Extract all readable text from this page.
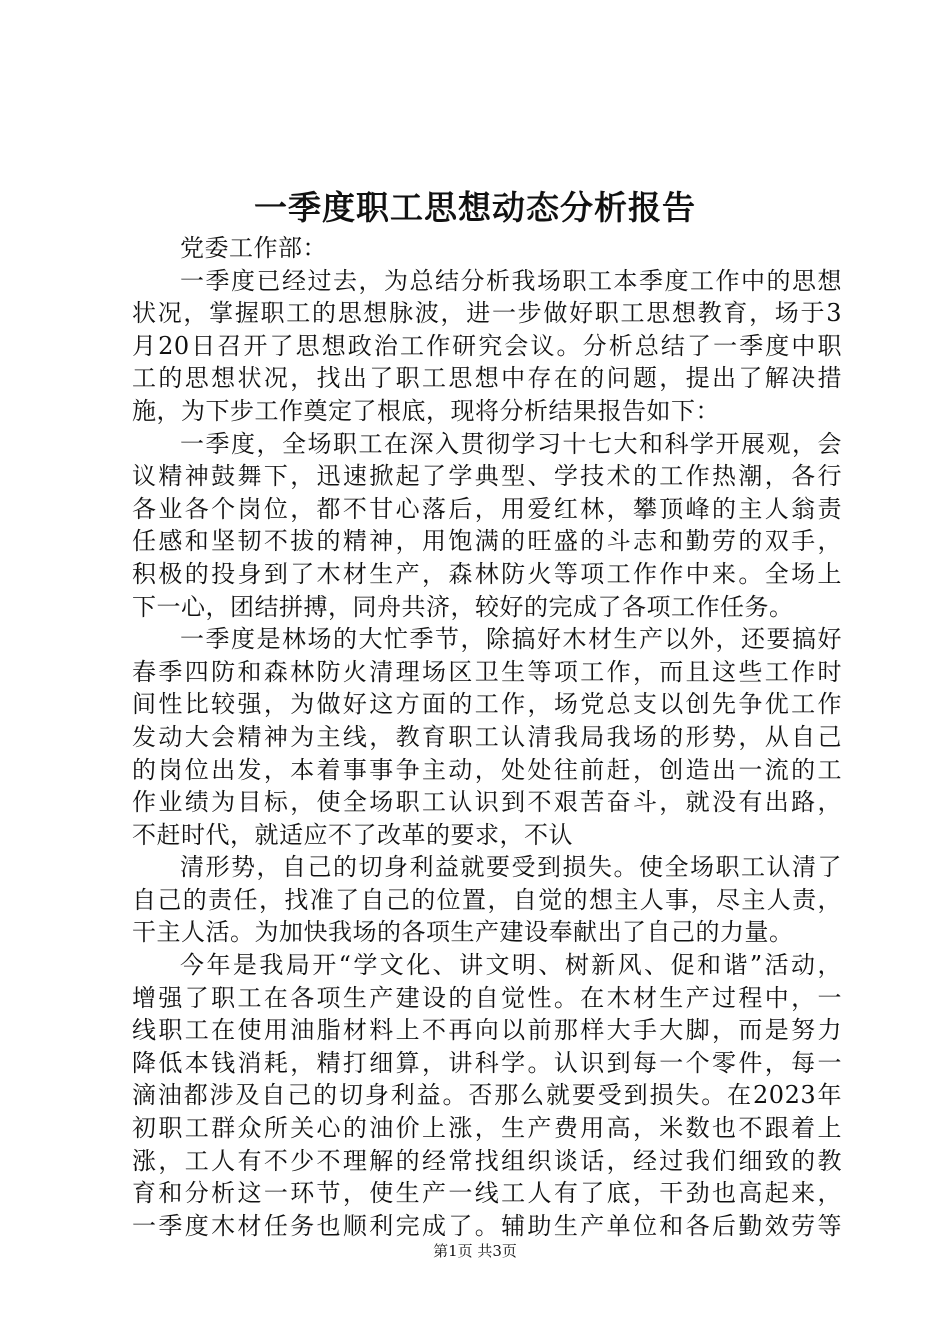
一季度职工思想动态分析报告
党委工作部：
一季度已经过去，为总结分析我场职工本季度工作中的思想
状况，掌握职工的思想脉波，进一步做好职工思想教育，场于3
月20日召开了思想政治工作研究会议。分析总结了一季度中职
工的思想状况，找出了职工思想中存在的问题，提出了解决措
施，为下步工作奠定了根底，现将分析结果报告如下：
一季度，全场职工在深入贯彻学习十七大和科学开展观，会
议精神鼓舞下，迅速掀起了学典型、学技术的工作热潮，各行
各业各个岗位，都不甘心落后，用爱红林，攀顶峰的主人翁责
任感和坚韧不拔的精神，用饱满的旺盛的斗志和勤劳的双手，
积极的投身到了木材生产，森林防火等项工作作中来。全场上
下一心，团结拼搏，同舟共济，较好的完成了各项工作任务。
一季度是林场的大忙季节，除搞好木材生产以外，还要搞好
春季四防和森林防火清理场区卫生等项工作，而且这些工作时
间性比较强，为做好这方面的工作，场党总支以创先争优工作
发动大会精神为主线，教育职工认清我局我场的形势，从自己
的岗位出发，本着事事争主动，处处往前赶，创造出一流的工
作业绩为目标，使全场职工认识到不艰苦奋斗，就没有出路，
不赶时代，就适应不了改革的要求，不认
清形势，自己的切身利益就要受到损失。使全场职工认清了
自己的责任，找准了自己的位置，自觉的想主人事，尽主人责，
干主人活。为加快我场的各项生产建设奉献出了自己的力量。
今年是我局开“学文化、讲文明、树新风、促和谐”活动，
增强了职工在各项生产建设的自觉性。在木材生产过程中，一
线职工在使用油脂材料上不再向以前那样大手大脚，而是努力
降低本钱消耗，精打细算，讲科学。认识到每一个零件，每一
滴油都涉及自己的切身利益。否那么就要受到损失。在2023年
初职工群众所关心的油价上涨，生产费用高，米数也不跟着上
涨，工人有不少不理解的经常找组织谈话，经过我们细致的教
育和分析这一环节，使生产一线工人有了底，干劲也高起来，
一季度木材任务也顺利完成了。辅助生产单位和各后勤效劳等
第1页 共3页
